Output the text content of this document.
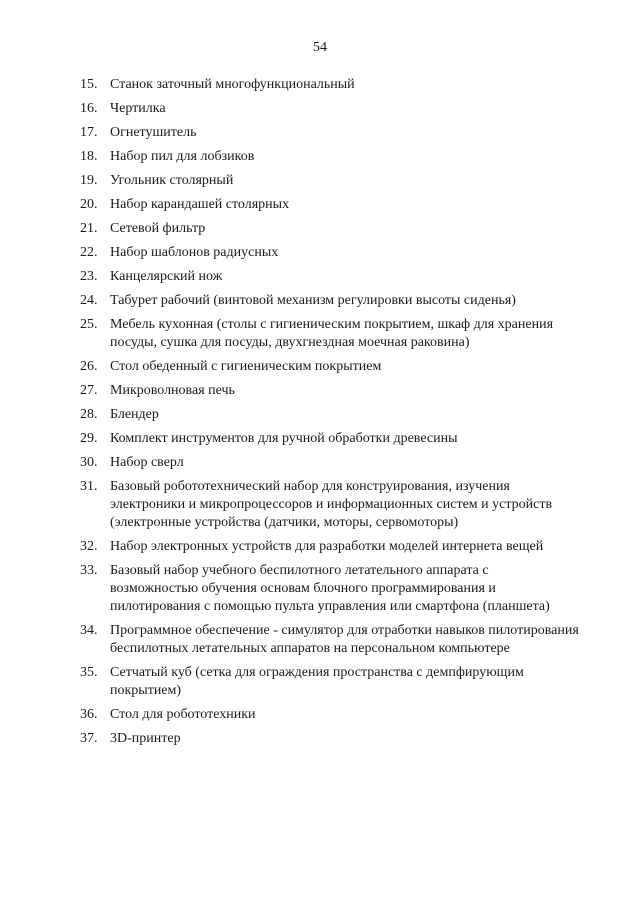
54
15. Станок заточный многофункциональный
16. Чертилка
17. Огнетушитель
18. Набор пил для лобзиков
19. Угольник столярный
20. Набор карандашей столярных
21. Сетевой фильтр
22. Набор шаблонов радиусных
23. Канцелярский нож
24. Табурет рабочий (винтовой механизм регулировки высоты сиденья)
25. Мебель кухонная (столы с гигиеническим покрытием, шкаф для хранения посуды, сушка для посуды, двухгнездная моечная раковина)
26. Стол обеденный с гигиеническим покрытием
27. Микроволновая печь
28. Блендер
29. Комплект инструментов для ручной обработки древесины
30. Набор сверл
31. Базовый робототехнический набор для конструирования, изучения электроники и микропроцессоров и информационных систем и устройств (электронные устройства (датчики, моторы, сервомоторы)
32. Набор электронных устройств для разработки моделей интернета вещей
33. Базовый набор учебного беспилотного летательного аппарата с возможностью обучения основам блочного программирования и пилотирования с помощью пульта управления или смартфона (планшета)
34. Программное обеспечение - симулятор для отработки навыков пилотирования беспилотных летательных аппаратов на персональном компьютере
35. Сетчатый куб (сетка для ограждения пространства с демпфирующим покрытием)
36. Стол для робототехники
37. 3D-принтер
